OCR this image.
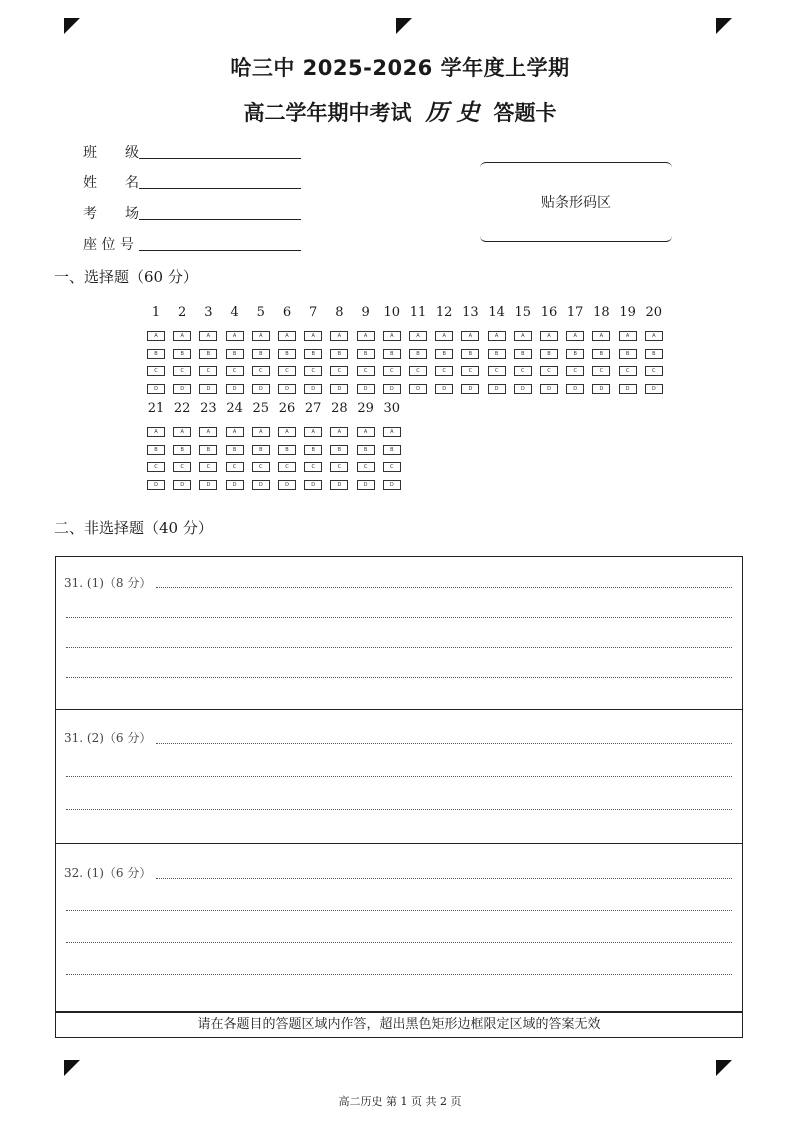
哈三中 2025-2026 学年度上学期
高二学年期中考试 历 史 答题卡
班　　级
姓　　名
考　　场
座 位 号
贴条形码区
一、选择题（60 分）
1
A
B
C
D
2
A
B
C
D
3
A
B
C
D
4
A
B
C
D
5
A
B
C
D
6
A
B
C
D
7
A
B
C
D
8
A
B
C
D
9
A
B
C
D
10
A
B
C
D
11
A
B
C
D
12
A
B
C
D
13
A
B
C
D
14
A
B
C
D
15
A
B
C
D
16
A
B
C
D
17
A
B
C
D
18
A
B
C
D
19
A
B
C
D
20
A
B
C
D
21
A
B
C
D
22
A
B
C
D
23
A
B
C
D
24
A
B
C
D
25
A
B
C
D
26
A
B
C
D
27
A
B
C
D
28
A
B
C
D
29
A
B
C
D
30
A
B
C
D
二、非选择题（40 分）
31. (1)（8 分）
31. (2)（6 分）
32. (1)（6 分）
请在各题目的答题区域内作答，超出黑色矩形边框限定区域的答案无效
高二历史 第 1 页 共 2 页
